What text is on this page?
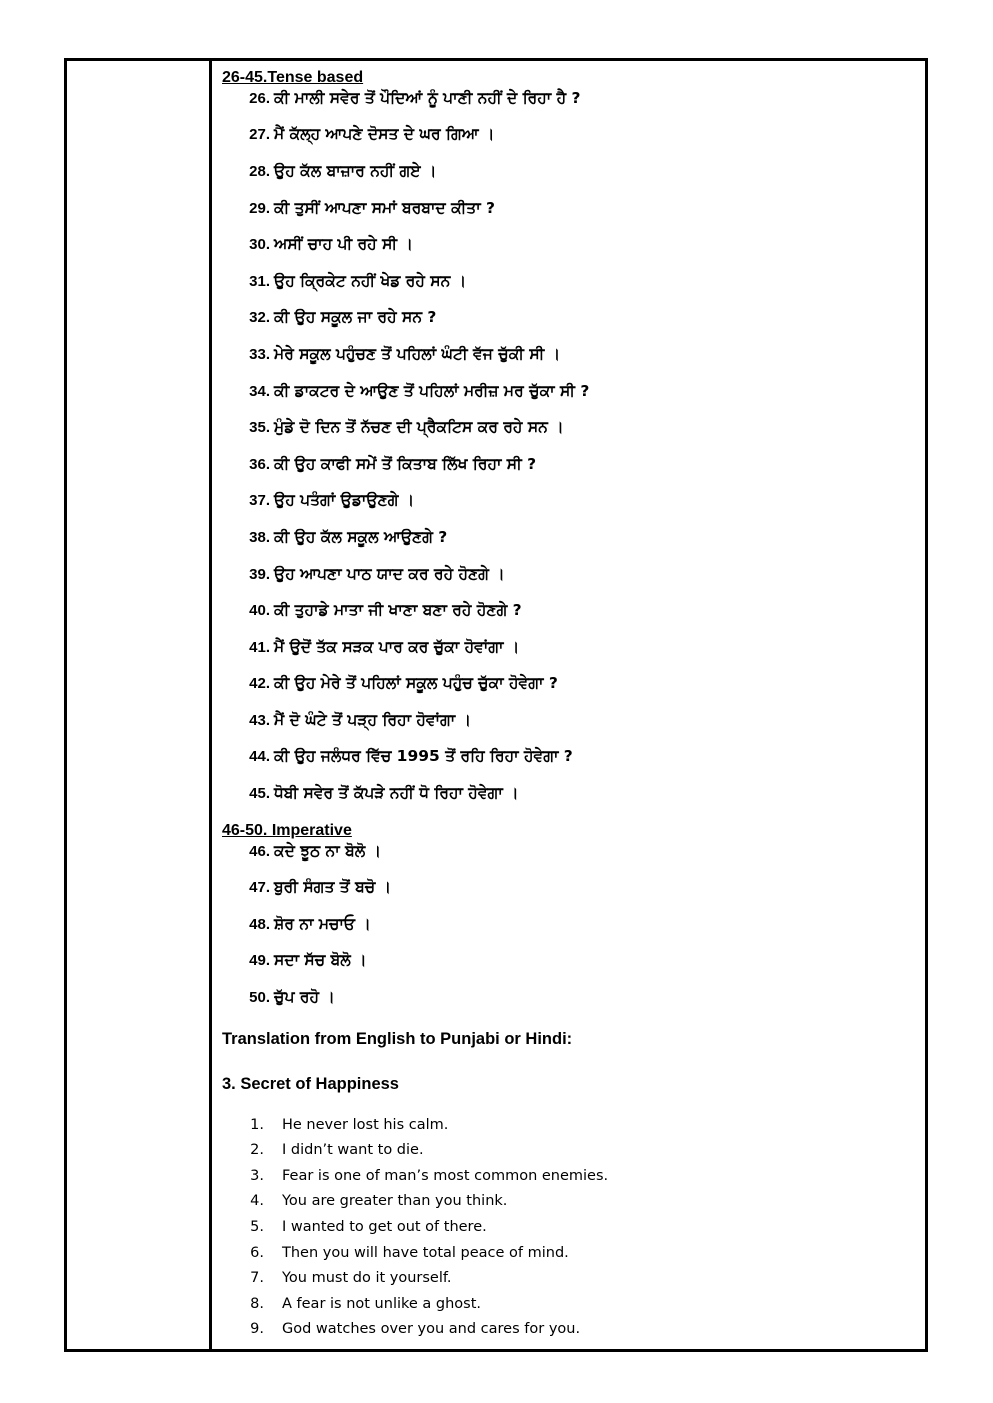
26-45.Tense based
26. ਕੀ ਮਾਲੀ ਸਵੇਰ ਤੋਂ ਪੌਦਿਆਂ ਨੂੰ ਪਾਣੀ ਨਹੀਂ ਦੇ ਰਿਹਾ ਹੈ ?
27. ਮੈਂ ਕੱਲ੍ਹ ਆਪਣੇ ਦੋਸਤ ਦੇ ਘਰ ਗਿਆ ।
28. ਉਹ ਕੱਲ ਬਾਜ਼ਾਰ ਨਹੀਂ ਗਏ ।
29. ਕੀ ਤੁਸੀਂ ਆਪਣਾ ਸਮਾਂ ਬਰਬਾਦ ਕੀਤਾ ?
30. ਅਸੀਂ ਚਾਹ ਪੀ ਰਹੇ ਸੀ ।
31. ਉਹ ਕ੍ਰਿਕੇਟ ਨਹੀਂ ਖੇਡ ਰਹੇ ਸਨ ।
32. ਕੀ ਉਹ ਸਕੂਲ ਜਾ ਰਹੇ ਸਨ ?
33. ਮੇਰੇ ਸਕੂਲ ਪਹੁੰਚਣ ਤੋਂ ਪਹਿਲਾਂ ਘੰਟੀ ਵੱਜ ਚੁੱਕੀ ਸੀ ।
34. ਕੀ ਡਾਕਟਰ ਦੇ ਆਉਣ ਤੋਂ ਪਹਿਲਾਂ ਮਰੀਜ਼ ਮਰ ਚੁੱਕਾ ਸੀ ?
35. ਮੁੰਡੇ ਦੋ ਦਿਨ ਤੋਂ ਨੱਚਣ ਦੀ ਪ੍ਰੈਕਟਿਸ ਕਰ ਰਹੇ ਸਨ ।
36. ਕੀ ਉਹ ਕਾਫੀ ਸਮੇਂ ਤੋਂ ਕਿਤਾਬ ਲਿੱਖ ਰਿਹਾ ਸੀ ?
37. ਉਹ ਪਤੰਗਾਂ ਉਡਾਉਣਗੇ ।
38. ਕੀ ਉਹ ਕੱਲ ਸਕੂਲ ਆਉਣਗੇ ?
39. ਉਹ ਆਪਣਾ ਪਾਠ ਯਾਦ ਕਰ ਰਹੇ ਹੋਣਗੇ ।
40. ਕੀ ਤੁਹਾਡੇ ਮਾਤਾ ਜੀ ਖਾਣਾ ਬਣਾ ਰਹੇ ਹੋਣਗੇ ?
41. ਮੈਂ ਉਦੋਂ ਤੱਕ ਸੜਕ ਪਾਰ ਕਰ ਚੁੱਕਾ ਹੋਵਾਂਗਾ ।
42. ਕੀ ਉਹ ਮੇਰੇ ਤੋਂ ਪਹਿਲਾਂ ਸਕੂਲ ਪਹੁੰਚ ਚੁੱਕਾ ਹੋਵੇਗਾ ?
43. ਮੈਂ ਦੋ ਘੰਟੇ ਤੋਂ ਪੜ੍ਹ ਰਿਹਾ ਹੋਵਾਂਗਾ ।
44. ਕੀ ਉਹ ਜਲੰਧਰ ਵਿੱਚ 1995 ਤੋਂ ਰਹਿ ਰਿਹਾ ਹੋਵੇਗਾ ?
45. ਧੋਬੀ ਸਵੇਰ ਤੋਂ ਕੱਪੜੇ ਨਹੀਂ ਧੋ ਰਿਹਾ ਹੋਵੇਗਾ ।
46-50. Imperative
46. ਕਦੇ ਝੂਠ ਨਾ ਬੋਲੋ ।
47. ਬੁਰੀ ਸੰਗਤ ਤੋਂ ਬਚੋ ।
48. ਸ਼ੋਰ ਨਾ ਮਚਾਓ ।
49. ਸਦਾ ਸੱਚ ਬੋਲੋ ।
50. ਚੁੱਪ ਰਹੋ ।

Translation from English to Punjabi or Hindi:

3. Secret of Happiness

1. He never lost his calm.
2. I didn’t want to die.
3. Fear is one of man’s most common enemies.
4. You are greater than you think.
5. I wanted to get out of there.
6. Then you will have total peace of mind.
7. You must do it yourself.
8. A fear is not unlike a ghost.
9. God watches over you and cares for you.
